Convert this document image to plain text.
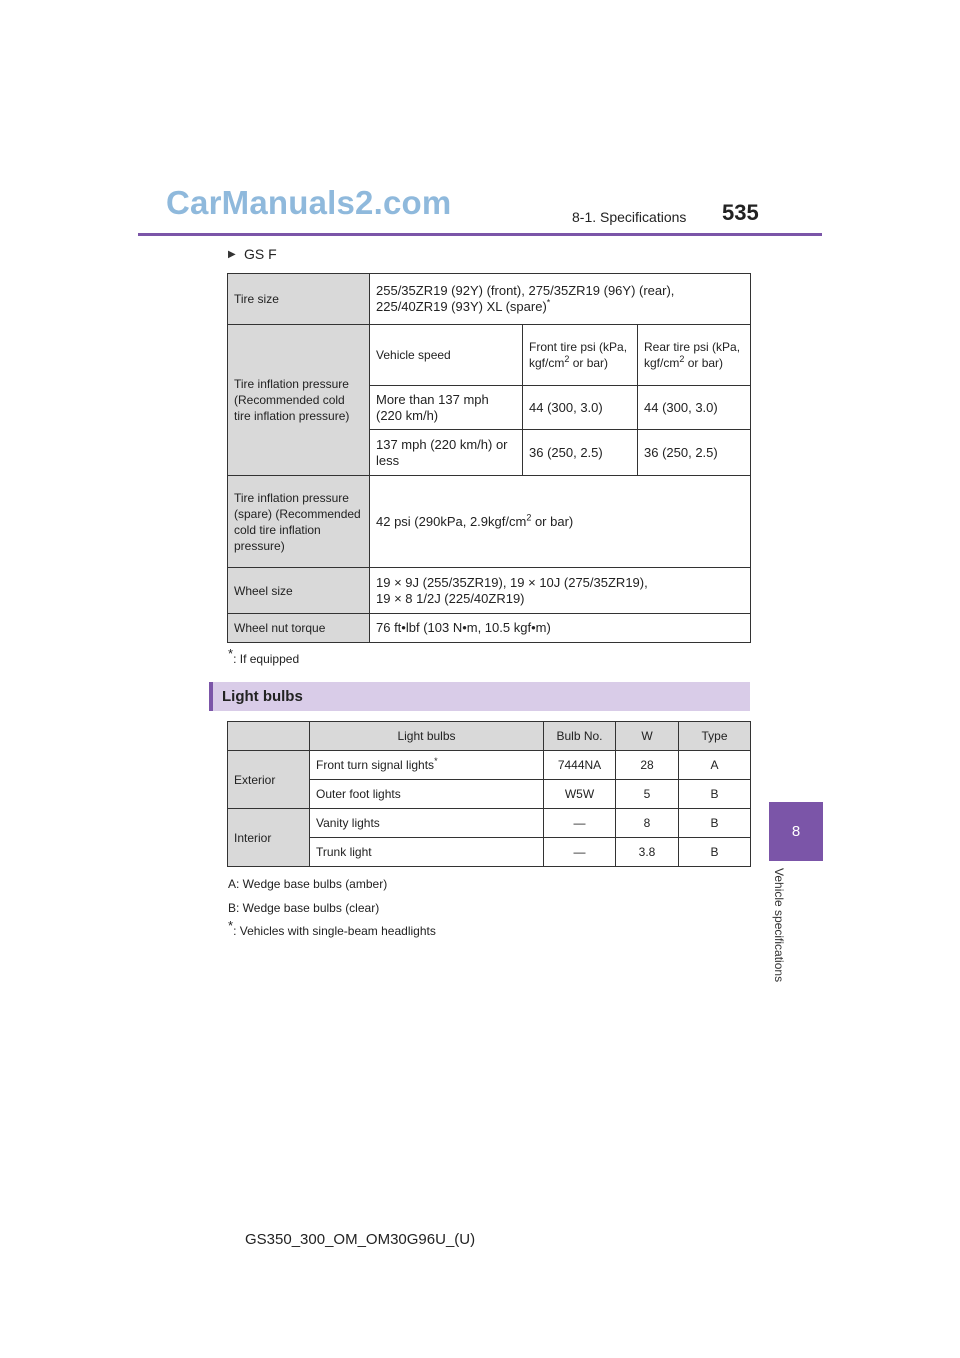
CarManuals2.com	8-1. Specifications 535
8
Vehicle specifications
▶ GS F
Tire size	255/35ZR19 (92Y) (front), 275/35ZR19 (96Y) (rear), 225/40ZR19 (93Y) XL (spare)*
Tire inflation pressure (Recommended cold tire inflation pressure)	Vehicle speed	Front tire psi (kPa, kgf/$cm^2$ or bar)	Rear tire psi (kPa, kgf/$cm^2$ or bar)
	More than 137 mph (220 km/h)	44 (300, 3.0)	44 (300, 3.0)
	137 mph (220 km/h) or less	36 (250, 2.5)	36 (250, 2.5)
Tire inflation pressure (spare) (Recommended cold tire inflation pressure)	42 psi (290kPa, $2.9kgf/cm^2$ or bar)		
Wheel size	19 × 9J (255/35ZR19), 19 × 10J (275/35ZR19),
19 × 8 1/2J (225/40ZR19)		
Wheel nut torque	76 ft•lbf (103 N•m, 10.5 kgf•m)		
*: If equipped
Light bulbs
	Light bulbs	Bulb No.	W	Type
Exterior	Front turn signal lights*	7444NA	28	A
	Outer foot lights	W5W	5	B
Interior	Vanity lights	—	8	B
	Trunk light	—	3.8	B
A: Wedge base bulbs (amber)
B: Wedge base bulbs (clear)
*: Vehicles with single-beam headlights
GS350_300_OM_OM30G96U_(U)
